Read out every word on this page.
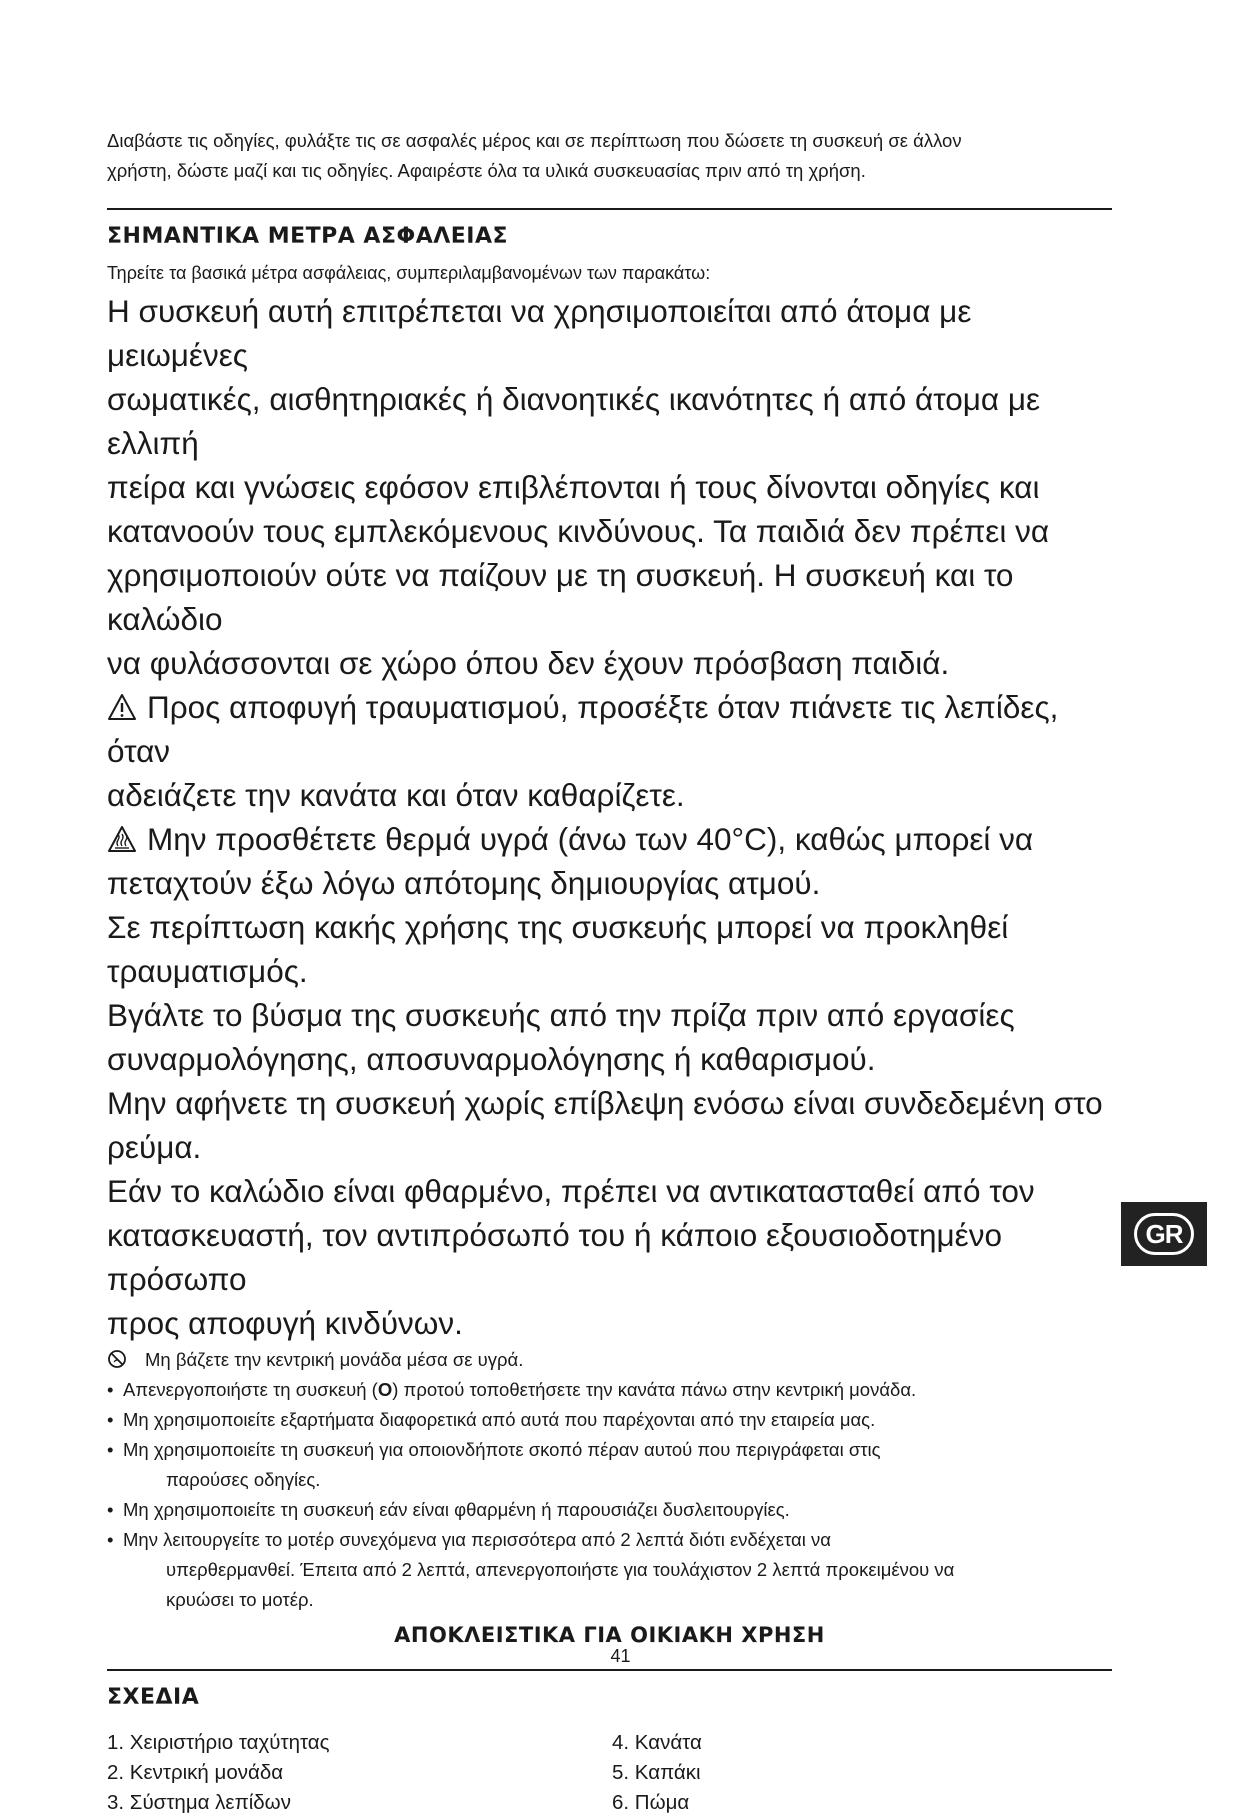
Διαβάστε τις οδηγίες, φυλάξτε τις σε ασφαλές μέρος και σε περίπτωση που δώσετε τη συσκευή σε άλλον
χρήστη, δώστε μαζί και τις οδηγίες. Αφαιρέστε όλα τα υλικά συσκευασίας πριν από τη χρήση.

ΣΗΜΑΝΤΙΚΑ ΜΕΤΡΑ ΑΣΦΑΛΕΙΑΣ

Τηρείτε τα βασικά μέτρα ασφάλειας, συμπεριλαμβανομένων των παρακάτω:

Η συσκευή αυτή επιτρέπεται να χρησιμοποιείται από άτομα με μειωμένες
σωματικές, αισθητηριακές ή διανοητικές ικανότητες ή από άτομα με ελλιπή
πείρα και γνώσεις εφόσον επιβλέπονται ή τους δίνονται οδηγίες και
κατανοούν τους εμπλεκόμενους κινδύνους. Τα παιδιά δεν πρέπει να
χρησιμοποιούν ούτε να παίζουν με τη συσκευή. Η συσκευή και το καλώδιο
να φυλάσσονται σε χώρο όπου δεν έχουν πρόσβαση παιδιά.

Προς αποφυγή τραυματισμού, προσέξτε όταν πιάνετε τις λεπίδες, όταν
αδειάζετε την κανάτα και όταν καθαρίζετε.

Μην προσθέτετε θερμά υγρά (άνω των 40°C), καθώς μπορεί να
πεταχτούν έξω λόγω απότομης δημιουργίας ατμού.

Σε περίπτωση κακής χρήσης της συσκευής μπορεί να προκληθεί
τραυματισμός.

Βγάλτε το βύσμα της συσκευής από την πρίζα πριν από εργασίες
συναρμολόγησης, αποσυναρμολόγησης ή καθαρισμού.

Μην αφήνετε τη συσκευή χωρίς επίβλεψη ενόσω είναι συνδεδεμένη στο
ρεύμα.

Εάν το καλώδιο είναι φθαρμένο, πρέπει να αντικατασταθεί από τον
κατασκευαστή, τον αντιπρόσωπό του ή κάποιο εξουσιοδοτημένο πρόσωπο
προς αποφυγή κινδύνων.

Μη βάζετε την κεντρική μονάδα μέσα σε υγρά.

• Απενεργοποιήστε τη συσκευή (O) προτού τοποθετήσετε την κανάτα πάνω στην κεντρική μονάδα.
• Μη χρησιμοποιείτε εξαρτήματα διαφορετικά από αυτά που παρέχονται από την εταιρεία μας.
• Μη χρησιμοποιείτε τη συσκευή για οποιονδήποτε σκοπό πέραν αυτού που περιγράφεται στις
παρούσες οδηγίες.
• Μη χρησιμοποιείτε τη συσκευή εάν είναι φθαρμένη ή παρουσιάζει δυσλειτουργίες.
• Μην λειτουργείτε το μοτέρ συνεχόμενα για περισσότερα από 2 λεπτά διότι ενδέχεται να
υπερθερμανθεί. Έπειτα από 2 λεπτά, απενεργοποιήστε για τουλάχιστον 2 λεπτά προκειμένου να
κρυώσει το μοτέρ.
ΑΠΟΚΛΕΙΣΤΙΚΑ ΓΙΑ ΟΙΚΙΑΚΗ ΧΡΗΣΗ
ΣΧΕΔΙΑ
1. Χειριστήριο ταχύτητας
2. Κεντρική μονάδα
3. Σύστημα λεπίδων
4. Κανάτα
5. Καπάκι
6. Πώμα
GR
41
